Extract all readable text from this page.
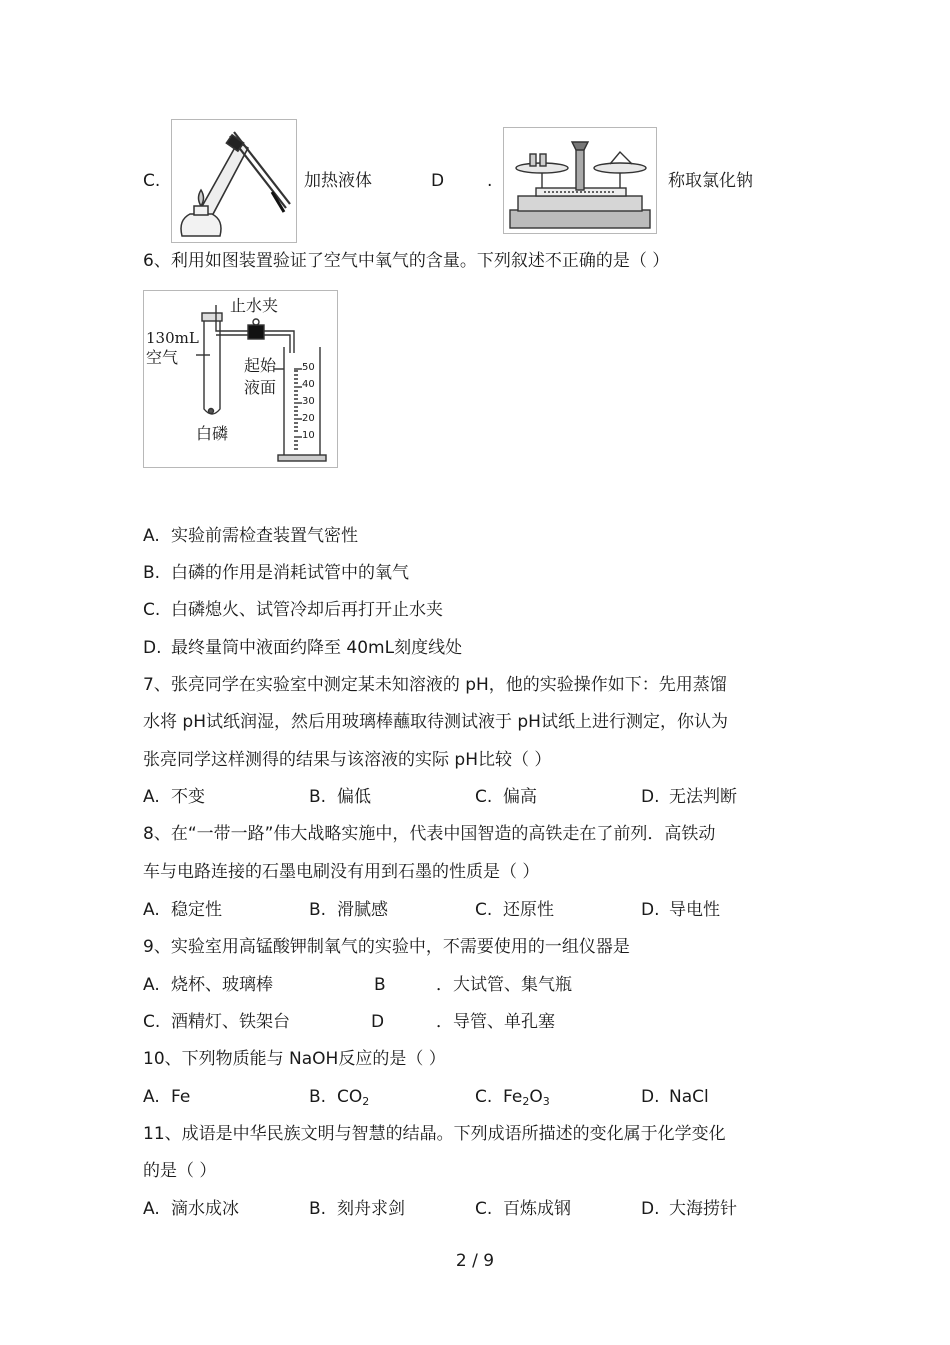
C.	加热液体	D	.	称取氯化钠
6、利用如图装置验证了空气中氧气的含量。下列叙述不正确的是（ ）
止水夹
130mL
空气	起始
液面
白磷
50
40
30
20
10
A. 实验前需检查装置气密性
B. 白磷的作用是消耗试管中的氧气
C. 白磷熄火、试管冷却后再打开止水夹
D. 最终量筒中液面约降至 40mL刻度线处
7、张亮同学在实验室中测定某未知溶液的 pH，他的实验操作如下：先用蒸馏
水将 pH试纸润湿，然后用玻璃棒蘸取待测试液于 pH试纸上进行测定，你认为
张亮同学这样测得的结果与该溶液的实际 pH比较（ ）
A. 不变	B. 偏低	C. 偏高	D. 无法判断
8、在“一带一路”伟大战略实施中，代表中国智造的高铁走在了前列．高铁动
车与电路连接的石墨电刷没有用到石墨的性质是（ ）
A. 稳定性	B. 滑腻感	C. 还原性	D. 导电性
9、实验室用高锰酸钾制氧气的实验中，不需要使用的一组仪器是
A. 烧杯、玻璃棒	B	．大试管、集气瓶
C. 酒精灯、铁架台	D	．导管、单孔塞
10、下列物质能与 NaOH反应的是（ ）
A. Fe	B. $CO_2$	C. $Fe_2O_3$	D. NaCl
11、成语是中华民族文明与智慧的结晶。下列成语所描述的变化属于化学变化
的是（ ）
A. 滴水成冰	B. 刻舟求剑	C. 百炼成钢	D. 大海捞针
2 / 9
